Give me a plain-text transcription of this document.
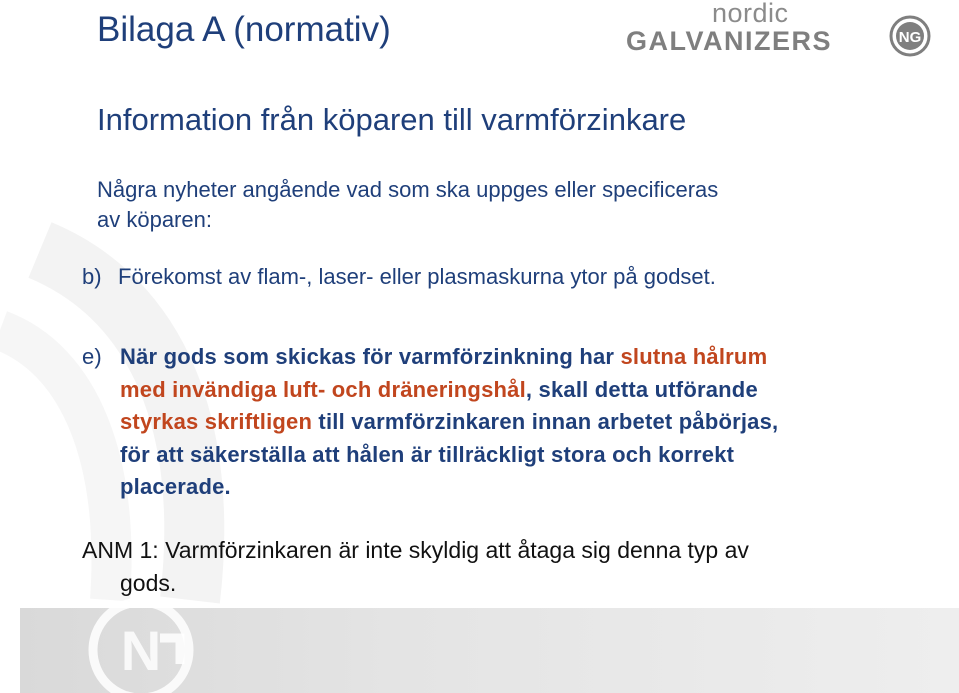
N
Bilaga A (normativ)	nordic
GALVANIZERS	NG
Information från köparen till varmförzinkare
Några nyheter angående vad som ska uppges eller specificeras
av köparen:
b) Förekomst av flam-, laser- eller plasmaskurna ytor på godset.
e) När gods som skickas för varmförzinkning har slutna hålrum
med invändiga luft- och dräneringshål, skall detta utförande
styrkas skriftligen till varmförzinkaren innan arbetet påbörjas,
för att säkerställa att hålen är tillräckligt stora och korrekt
placerade.
ANM 1: Varmförzinkaren är inte skyldig att åtaga sig denna typ av
gods.
